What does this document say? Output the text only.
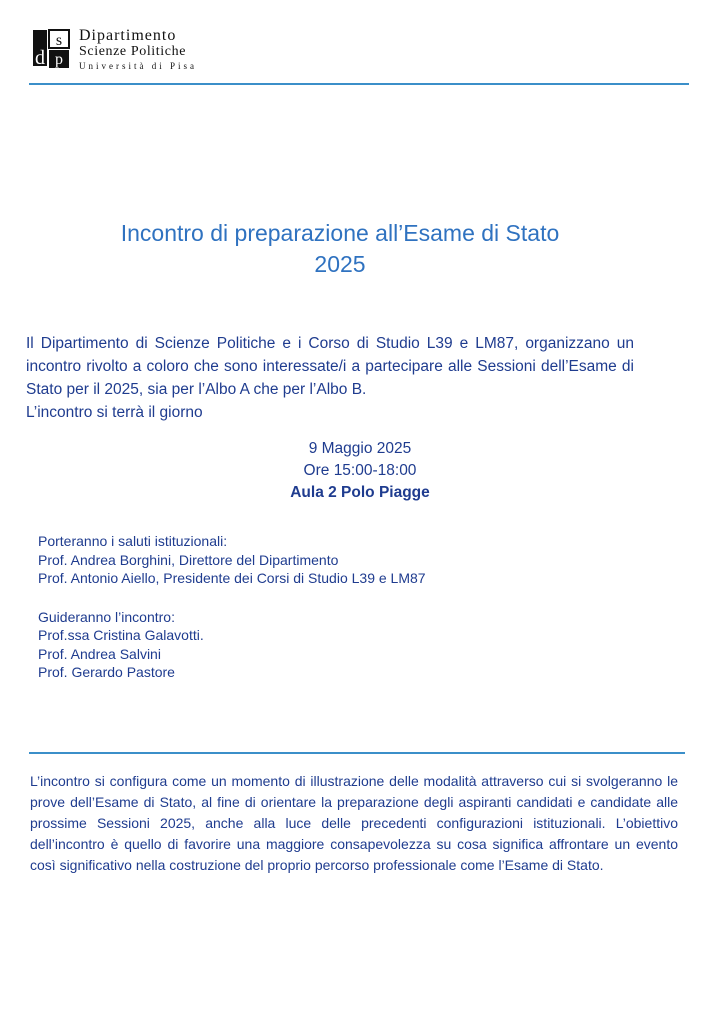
d
s
p
Dipartimento
Scienze Politiche
Università di Pisa
Incontro di preparazione all’Esame di Stato
2025

Il Dipartimento di Scienze Politiche e i Corso di Studio L39 e LM87, organizzano un incontro rivolto a coloro che sono interessate/i a partecipare alle Sessioni dell’Esame di Stato per il 2025, sia per l’Albo A che per l’Albo B.

L’incontro si terrà il giorno

9 Maggio 2025
Ore 15:00-18:00
Aula 2 Polo Piagge
Porteranno i saluti istituzionali:
Prof. Andrea Borghini, Direttore del Dipartimento
Prof. Antonio Aiello, Presidente dei Corsi di Studio L39 e LM87
Guideranno l’incontro:
Prof.ssa Cristina Galavotti.
Prof. Andrea Salvini
Prof. Gerardo Pastore

L’incontro si configura come un momento di illustrazione delle modalità attraverso cui si svolgeranno le prove dell’Esame di Stato, al fine di orientare la preparazione degli aspiranti candidati e candidate alle prossime Sessioni 2025, anche alla luce delle precedenti configurazioni istituzionali. L’obiettivo dell’incontro è quello di favorire una maggiore consapevolezza su cosa significa affrontare un evento così significativo nella costruzione del proprio percorso professionale come l’Esame di Stato.
